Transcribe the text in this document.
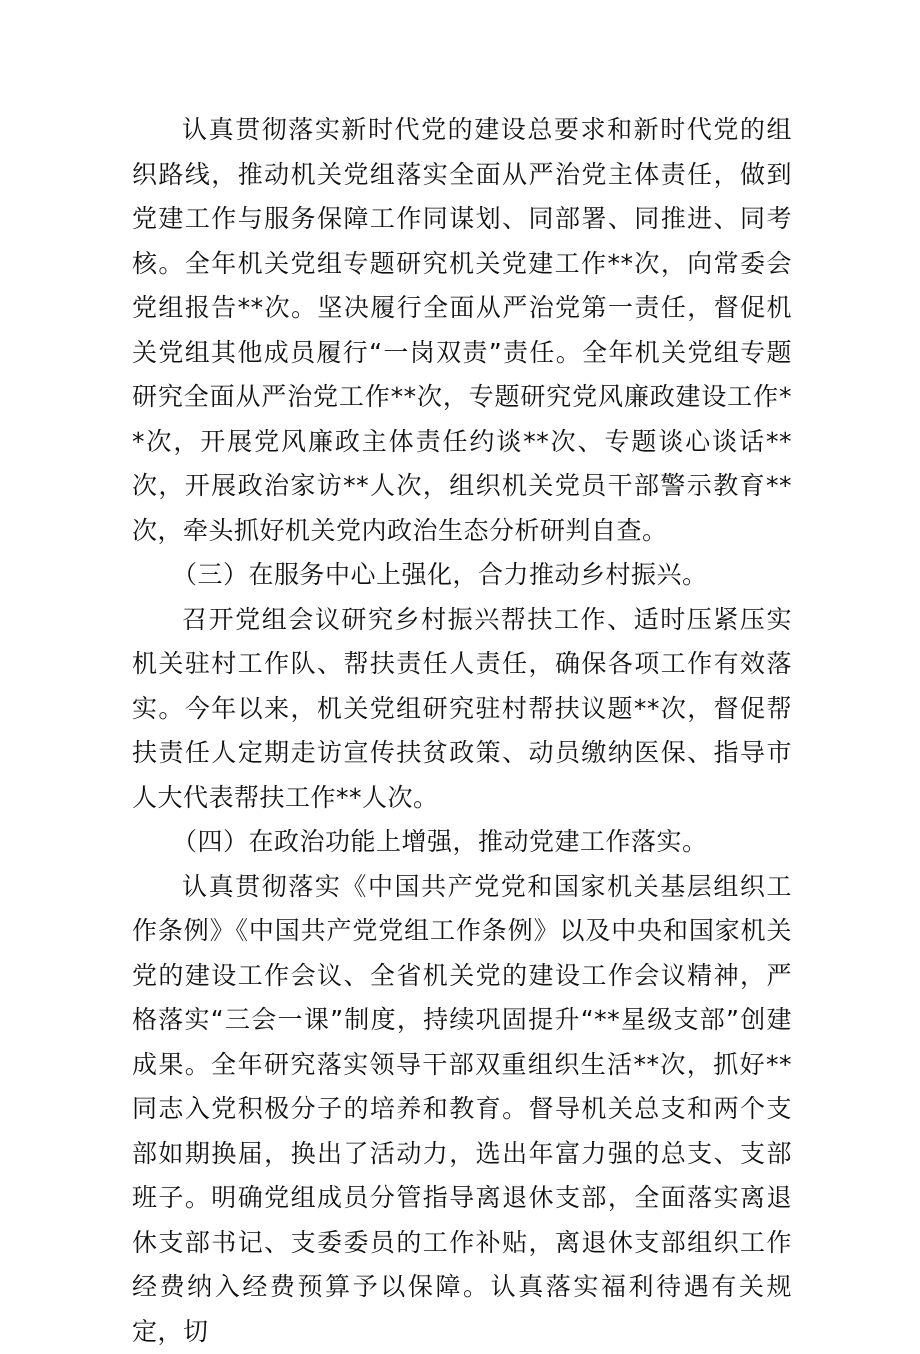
认真贯彻落实新时代党的建设总要求和新时代党的组织路线，推动机关党组落实全面从严治党主体责任，做到党建工作与服务保障工作同谋划、同部署、同推进、同考核。全年机关党组专题研究机关党建工作**次，向常委会党组报告**次。坚决履行全面从严治党第一责任，督促机关党组其他成员履行“一岗双责”责任。全年机关党组专题研究全面从严治党工作**次，专题研究党风廉政建设工作**次，开展党风廉政主体责任约谈**次、专题谈心谈话**次，开展政治家访**人次，组织机关党员干部警示教育**次，牵头抓好机关党内政治生态分析研判自查。

（三）在服务中心上强化，合力推动乡村振兴。

召开党组会议研究乡村振兴帮扶工作、适时压紧压实机关驻村工作队、帮扶责任人责任，确保各项工作有效落实。今年以来，机关党组研究驻村帮扶议题**次，督促帮扶责任人定期走访宣传扶贫政策、动员缴纳医保、指导市人大代表帮扶工作**人次。

（四）在政治功能上增强，推动党建工作落实。

认真贯彻落实《中国共产党党和国家机关基层组织工作条例》《中国共产党党组工作条例》以及中央和国家机关党的建设工作会议、全省机关党的建设工作会议精神，严格落实“三会一课”制度，持续巩固提升“**星级支部”创建成果。全年研究落实领导干部双重组织生活**次，抓好**同志入党积极分子的培养和教育。督导机关总支和两个支部如期换届，换出了活动力，选出年富力强的总支、支部班子。明确党组成员分管指导离退休支部，全面落实离退休支部书记、支委委员的工作补贴，离退休支部组织工作经费纳入经费预算予以保障。认真落实福利待遇有关规定，切
